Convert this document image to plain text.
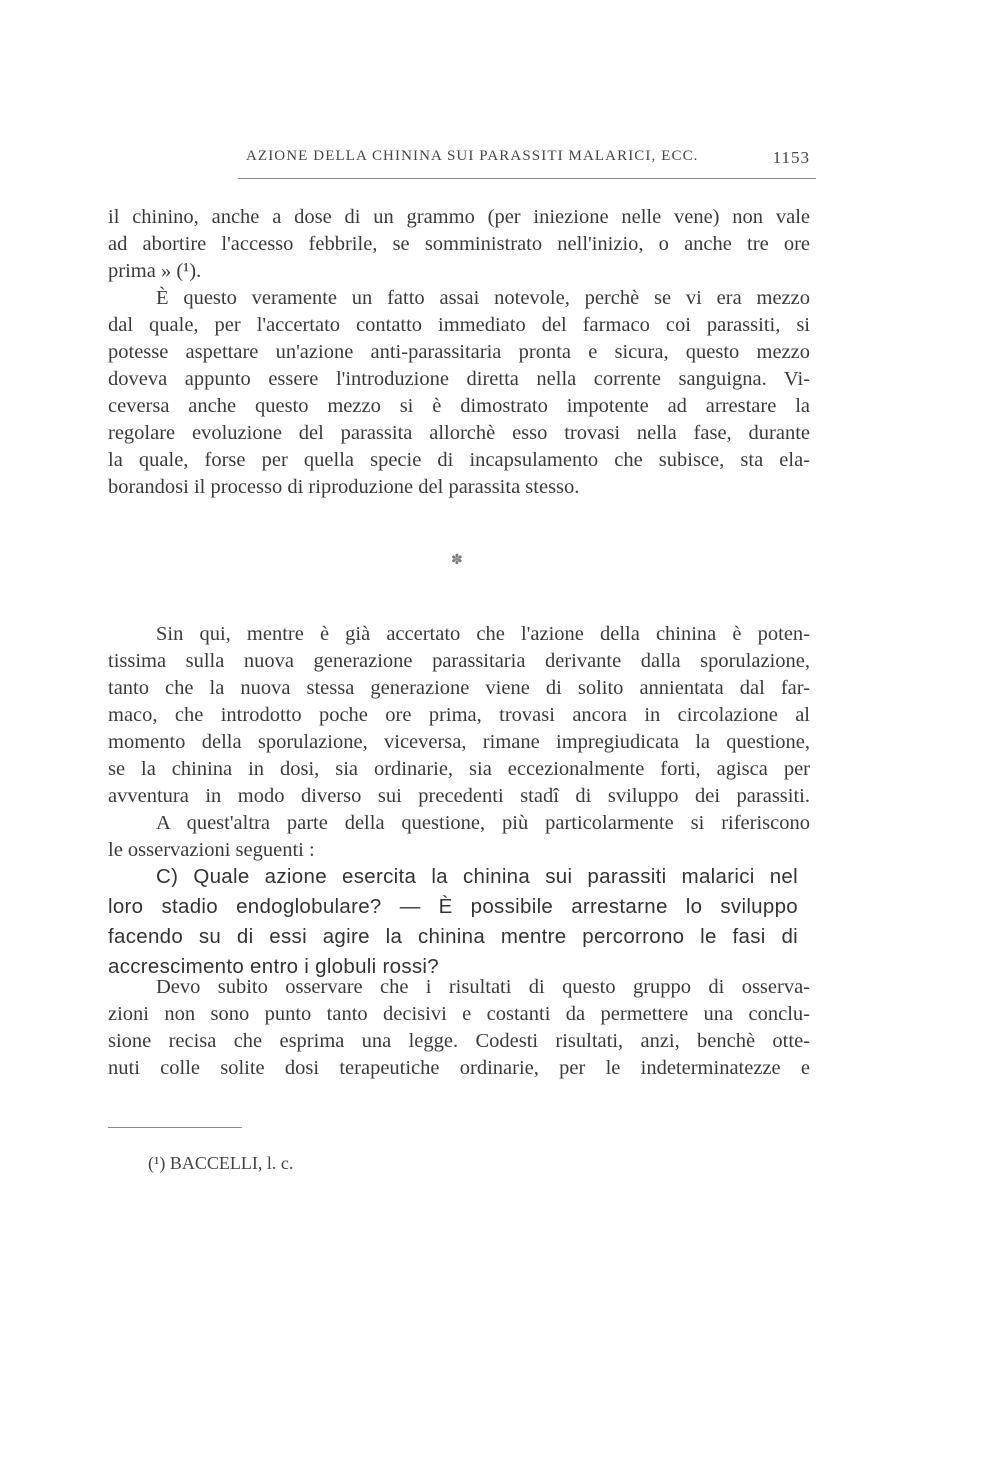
AZIONE DELLA CHININA SUI PARASSITI MALARICI, ECC.	1153
il chinino, anche a dose di un grammo (per iniezione nelle vene) non vale
ad abortire l'accesso febbrile, se somministrato nell'inizio, o anche tre ore
prima » (¹).
È questo veramente un fatto assai notevole, perchè se vi era mezzo
dal quale, per l'accertato contatto immediato del farmaco coi parassiti, si
potesse aspettare un'azione anti-parassitaria pronta e sicura, questo mezzo
doveva appunto essere l'introduzione diretta nella corrente sanguigna. Vi-
ceversa anche questo mezzo si è dimostrato impotente ad arrestare la
regolare evoluzione del parassita allorchè esso trovasi nella fase, durante
la quale, forse per quella specie di incapsulamento che subisce, sta ela-
borandosi il processo di riproduzione del parassita stesso.
✽
Sin qui, mentre è già accertato che l'azione della chinina è poten-
tissima sulla nuova generazione parassitaria derivante dalla sporulazione,
tanto che la nuova stessa generazione viene di solito annientata dal far-
maco, che introdotto poche ore prima, trovasi ancora in circolazione al
momento della sporulazione, viceversa, rimane impregiudicata la questione,
se la chinina in dosi, sia ordinarie, sia eccezionalmente forti, agisca per
avventura in modo diverso sui precedenti stadî di sviluppo dei parassiti.
A quest'altra parte della questione, più particolarmente si riferiscono
le osservazioni seguenti :
C) Quale azione esercita la chinina sui parassiti malarici nel
loro stadio endoglobulare? — È possibile arrestarne lo sviluppo
facendo su di essi agire la chinina mentre percorrono le fasi di
accrescimento entro i globuli rossi?
Devo subito osservare che i risultati di questo gruppo di osserva-
zioni non sono punto tanto decisivi e costanti da permettere una conclu-
sione recisa che esprima una legge. Codesti risultati, anzi, benchè otte-
nuti colle solite dosi terapeutiche ordinarie, per le indeterminatezze e
(¹) BACCELLI, l. c.
